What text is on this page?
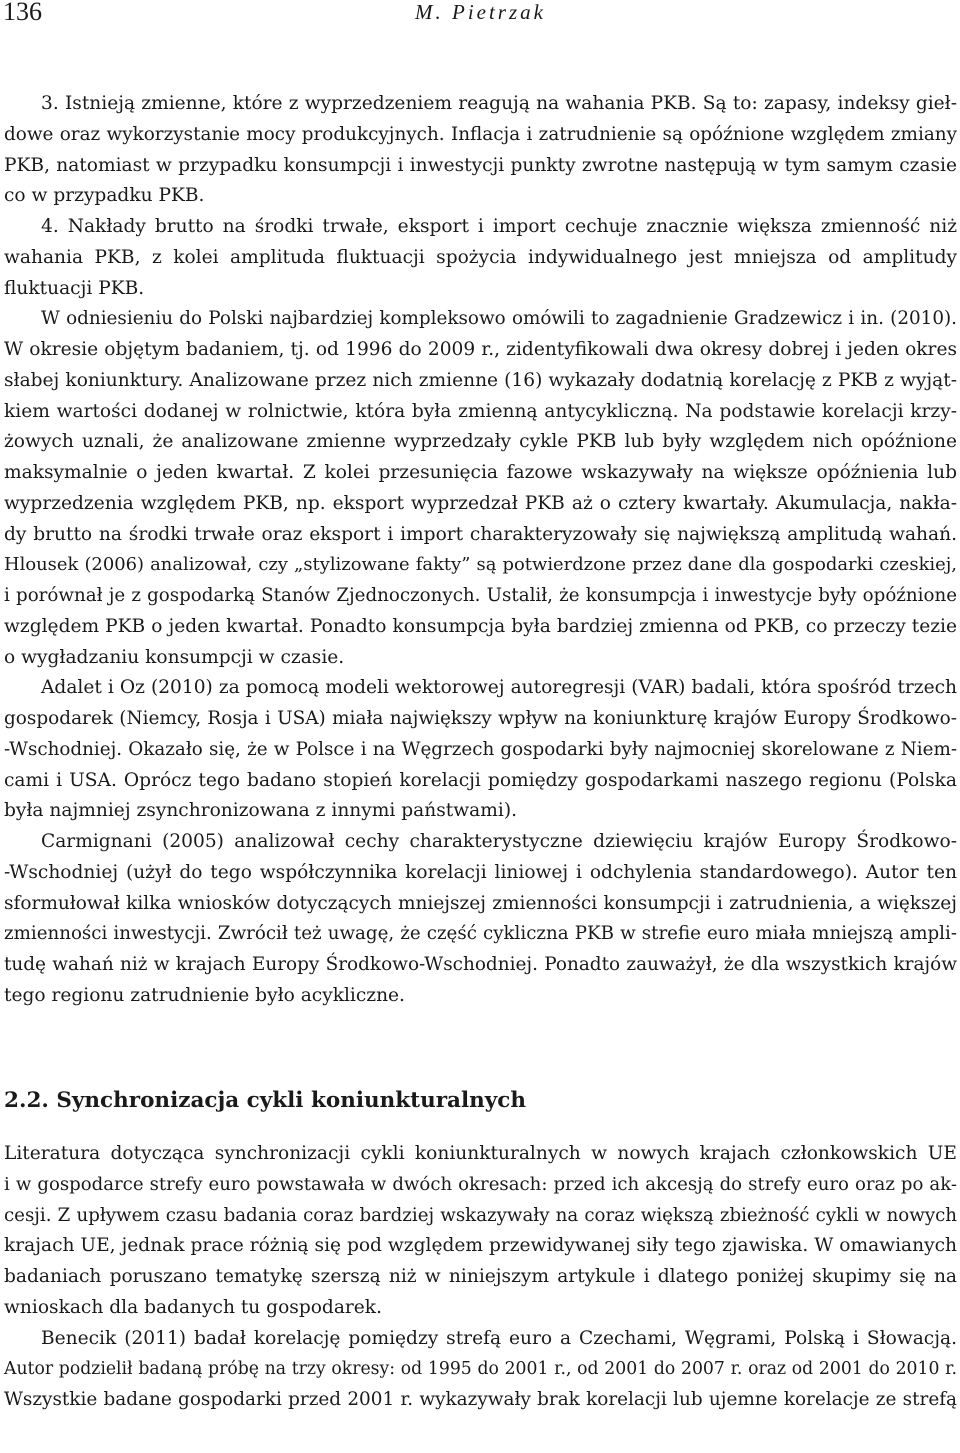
136	M. Pietrzak
3. Istnieją zmienne, które z wyprzedzeniem reagują na wahania PKB. Są to: zapasy, indeksy gieł-
dowe oraz wykorzystanie mocy produkcyjnych. Inflacja i zatrudnienie są opóźnione względem zmiany
PKB, natomiast w przypadku konsumpcji i inwestycji punkty zwrotne następują w tym samym czasie
co w przypadku PKB.
4. Nakłady brutto na środki trwałe, eksport i import cechuje znacznie większa zmienność niż
wahania PKB, z kolei amplituda fluktuacji spożycia indywidualnego jest mniejsza od amplitudy
fluktuacji PKB.
W odniesieniu do Polski najbardziej kompleksowo omówili to zagadnienie Gradzewicz i in. (2010).
W okresie objętym badaniem, tj. od 1996 do 2009 r., zidentyfikowali dwa okresy dobrej i jeden okres
słabej koniunktury. Analizowane przez nich zmienne (16) wykazały dodatnią korelację z PKB z wyjąt-
kiem wartości dodanej w rolnictwie, która była zmienną antycykliczną. Na podstawie korelacji krzy-
żowych uznali, że analizowane zmienne wyprzedzały cykle PKB lub były względem nich opóźnione
maksymalnie o jeden kwartał. Z kolei przesunięcia fazowe wskazywały na większe opóźnienia lub
wyprzedzenia względem PKB, np. eksport wyprzedzał PKB aż o cztery kwartały. Akumulacja, nakła-
dy brutto na środki trwałe oraz eksport i import charakteryzowały się największą amplitudą wahań.
Hlousek (2006) analizował, czy „stylizowane fakty” są potwierdzone przez dane dla gospodarki czeskiej,
i porównał je z gospodarką Stanów Zjednoczonych. Ustalił, że konsumpcja i inwestycje były opóźnione
względem PKB o jeden kwartał. Ponadto konsumpcja była bardziej zmienna od PKB, co przeczy tezie
o wygładzaniu konsumpcji w czasie.
Adalet i Oz (2010) za pomocą modeli wektorowej autoregresji (VAR) badali, która spośród trzech
gospodarek (Niemcy, Rosja i USA) miała największy wpływ na koniunkturę krajów Europy Środkowo-
-Wschodniej. Okazało się, że w Polsce i na Węgrzech gospodarki były najmocniej skorelowane z Niem-
cami i USA. Oprócz tego badano stopień korelacji pomiędzy gospodarkami naszego regionu (Polska
była najmniej zsynchronizowana z innymi państwami).
Carmignani (2005) analizował cechy charakterystyczne dziewięciu krajów Europy Środkowo-
-Wschodniej (użył do tego współczynnika korelacji liniowej i odchylenia standardowego). Autor ten
sformułował kilka wniosków dotyczących mniejszej zmienności konsumpcji i zatrudnienia, a większej
zmienności inwestycji. Zwrócił też uwagę, że część cykliczna PKB w strefie euro miała mniejszą ampli-
tudę wahań niż w krajach Europy Środkowo-Wschodniej. Ponadto zauważył, że dla wszystkich krajów
tego regionu zatrudnienie było acykliczne.
2.2. Synchronizacja cykli koniunkturalnych
Literatura dotycząca synchronizacji cykli koniunkturalnych w nowych krajach członkowskich UE
i w gospodarce strefy euro powstawała w dwóch okresach: przed ich akcesją do strefy euro oraz po ak-
cesji. Z upływem czasu badania coraz bardziej wskazywały na coraz większą zbieżność cykli w nowych
krajach UE, jednak prace różnią się pod względem przewidywanej siły tego zjawiska. W omawianych
badaniach poruszano tematykę szerszą niż w niniejszym artykule i dlatego poniżej skupimy się na
wnioskach dla badanych tu gospodarek.
Benecik (2011) badał korelację pomiędzy strefą euro a Czechami, Węgrami, Polską i Słowacją.
Autor podzielił badaną próbę na trzy okresy: od 1995 do 2001 r., od 2001 do 2007 r. oraz od 2001 do 2010 r.
Wszystkie badane gospodarki przed 2001 r. wykazywały brak korelacji lub ujemne korelacje ze strefą
